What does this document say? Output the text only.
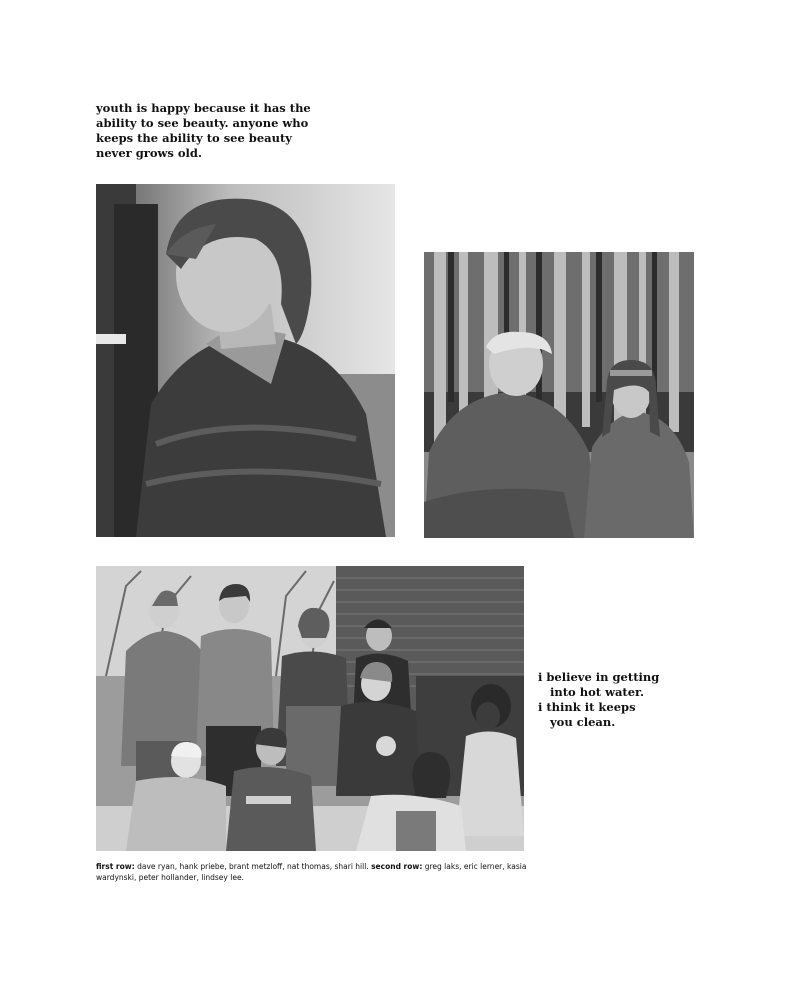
youth is happy because it has the
ability to see beauty. anyone who
keeps the ability to see beauty
never grows old.
i believe in getting
into hot water.
i think it keeps
you clean.
first row: dave ryan, hank priebe, brant metzloff, nat thomas, shari hill. second row: greg laks, eric lerner, kasia wardynski, peter hollander, lindsey lee.
